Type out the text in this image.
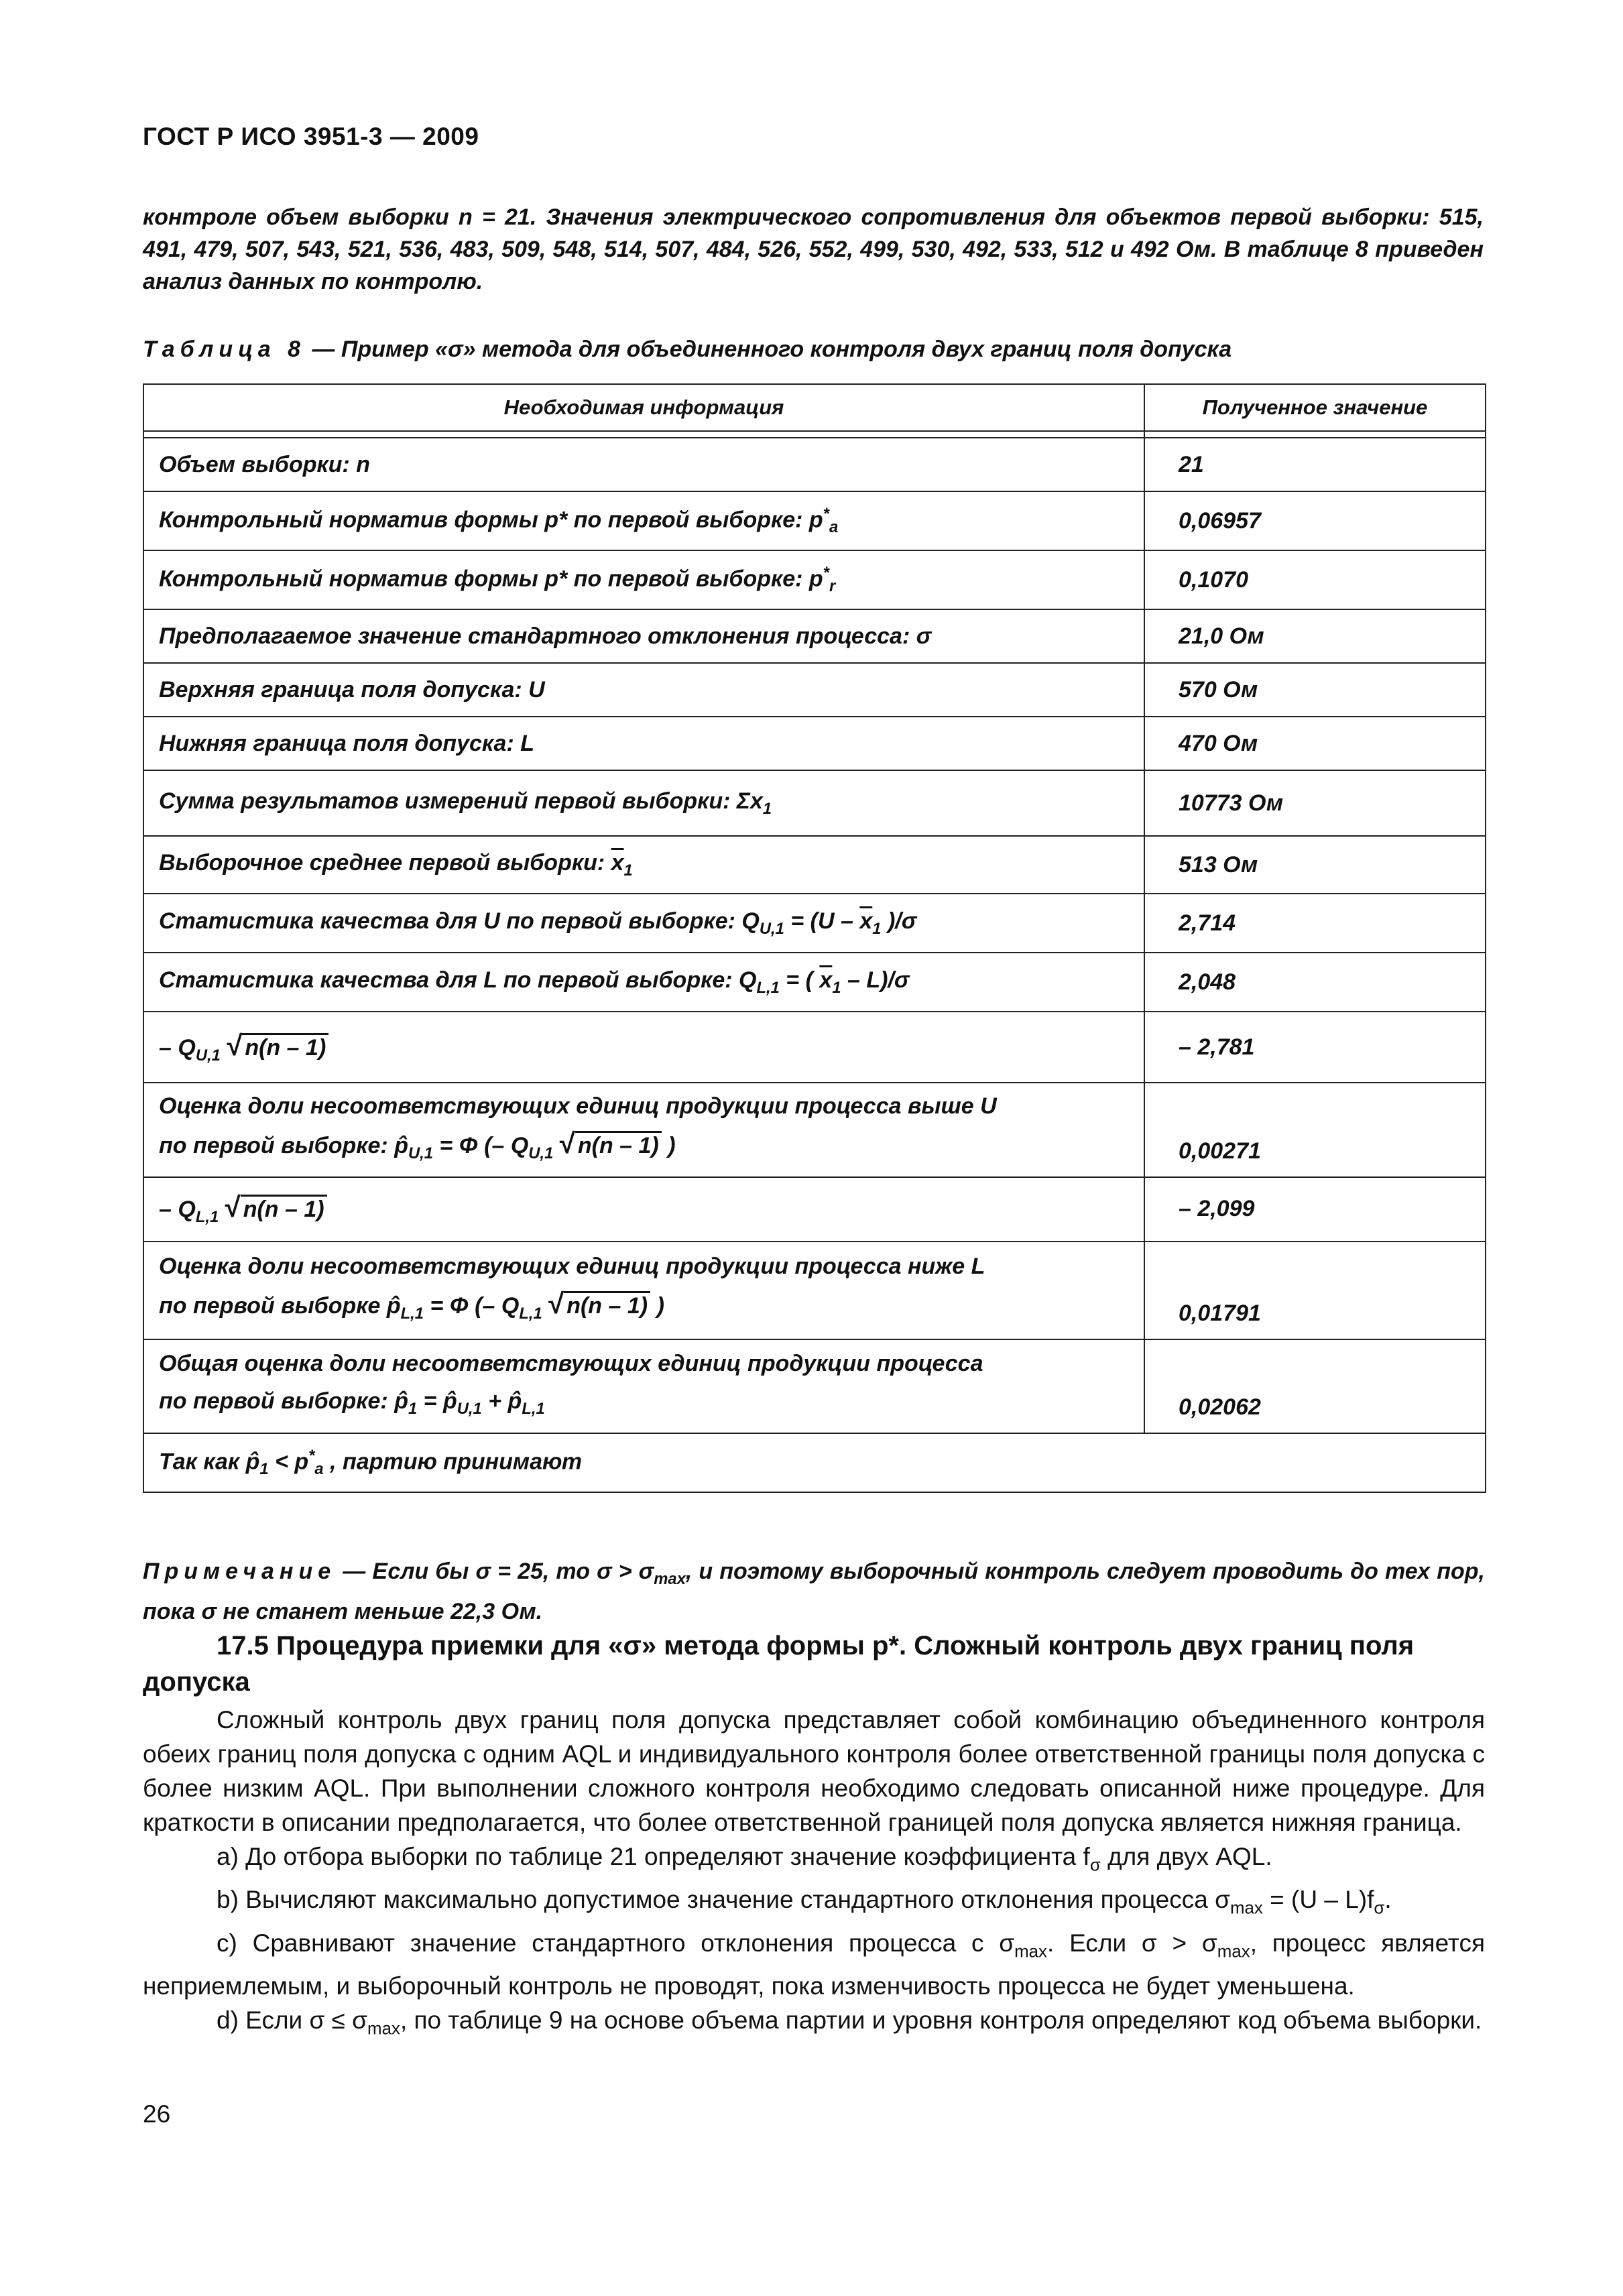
ГОСТ Р ИСО 3951-3 — 2009

контроле объем выборки n = 21. Значения электрического сопротивления для объектов первой выборки: 515, 491, 479, 507, 543, 521, 536, 483, 509, 548, 514, 507, 484, 526, 552, 499, 530, 492, 533, 512 и 492 Ом. В таблице 8 приведен анализ данных по контролю.

Таблица 8 — Пример «σ» метода для объединенного контроля двух границ поля допуска
Необходимая информация	Полученное значение

Объем выборки: n	21
Контрольный норматив формы p* по первой выборке: $p^*_a$	0,06957
Контрольный норматив формы p* по первой выборке: $p^*_r$	0,1070
Предполагаемое значение стандартного отклонения процесса: σ	21,0 Ом
Верхняя граница поля допуска: U	570 Ом
Нижняя граница поля допуска: L	470 Ом
Сумма результатов измерений первой выборки: $\Sigma x_1$	10773 Ом
Выборочное среднее первой выборки: $\overline{x}_1$	513 Ом
Статистика качества для U по первой выборке: $Q_{U,1} = (U - \overline{x}_1$ )/σ	2,714
Статистика качества для L по первой выборке: $Q_{L,1}$ = ( $\overline{x}_1 - L)/\sigma$	2,048
– $Q_{U,1}$ √ n(n – 1)	– 2,781
Оценка доли несоответствующих единиц продукции процесса выше U
по первой выборке: $p̂_{U,1} = \Phi$ (– $Q_{U,1}$ √ n(n – 1) )	0,00271
– $Q_{L,1}$ √ n(n – 1)	– 2,099
Оценка доли несоответствующих единиц продукции процесса ниже L
по первой выборке $p̂_{L,1} = \Phi$ (– $Q_{L,1}$ √ n(n – 1) )	0,01791
Общая оценка доли несоответствующих единиц продукции процесса
по первой выборке: $p̂_1$ = $p̂_{U,1}$ + $p̂_{L,1}$	0,02062
Так как $p̂_1 < p^*_a$ , партию принимают	
Примечание — Если бы σ = 25, то $\sigma > \sigma_{max}$, и поэтому выборочный контроль следует проводить до тех пор, пока σ не станет меньше 22,3 Ом.
17.5 Процедура приемки для «σ» метода формы p*. Сложный контроль двух границ поля допуска

Сложный контроль двух границ поля допуска представляет собой комбинацию объединенного контроля обеих границ поля допуска с одним AQL и индивидуального контроля более ответственной границы поля допуска с более низким AQL. При выполнении сложного контроля необходимо следовать описанной ниже процедуре. Для краткости в описании предполагается, что более ответственной границей поля допуска является нижняя граница.

a) До отбора выборки по таблице 21 определяют значение коэффициента $f_\sigma$ для двух AQL.

b) Вычисляют максимально допустимое значение стандартного отклонения процесса $\sigma_{max} = (U - L)f_\sigma$.

c) Сравнивают значение стандартного отклонения процесса с $\sigma_{max}$. Если $\sigma > \sigma_{max}$, процесс является неприемлемым, и выборочный контроль не проводят, пока изменчивость процесса не будет уменьшена.

d) Если $\sigma \le \sigma_{max}$, по таблице 9 на основе объема партии и уровня контроля определяют код объема выборки.

26
